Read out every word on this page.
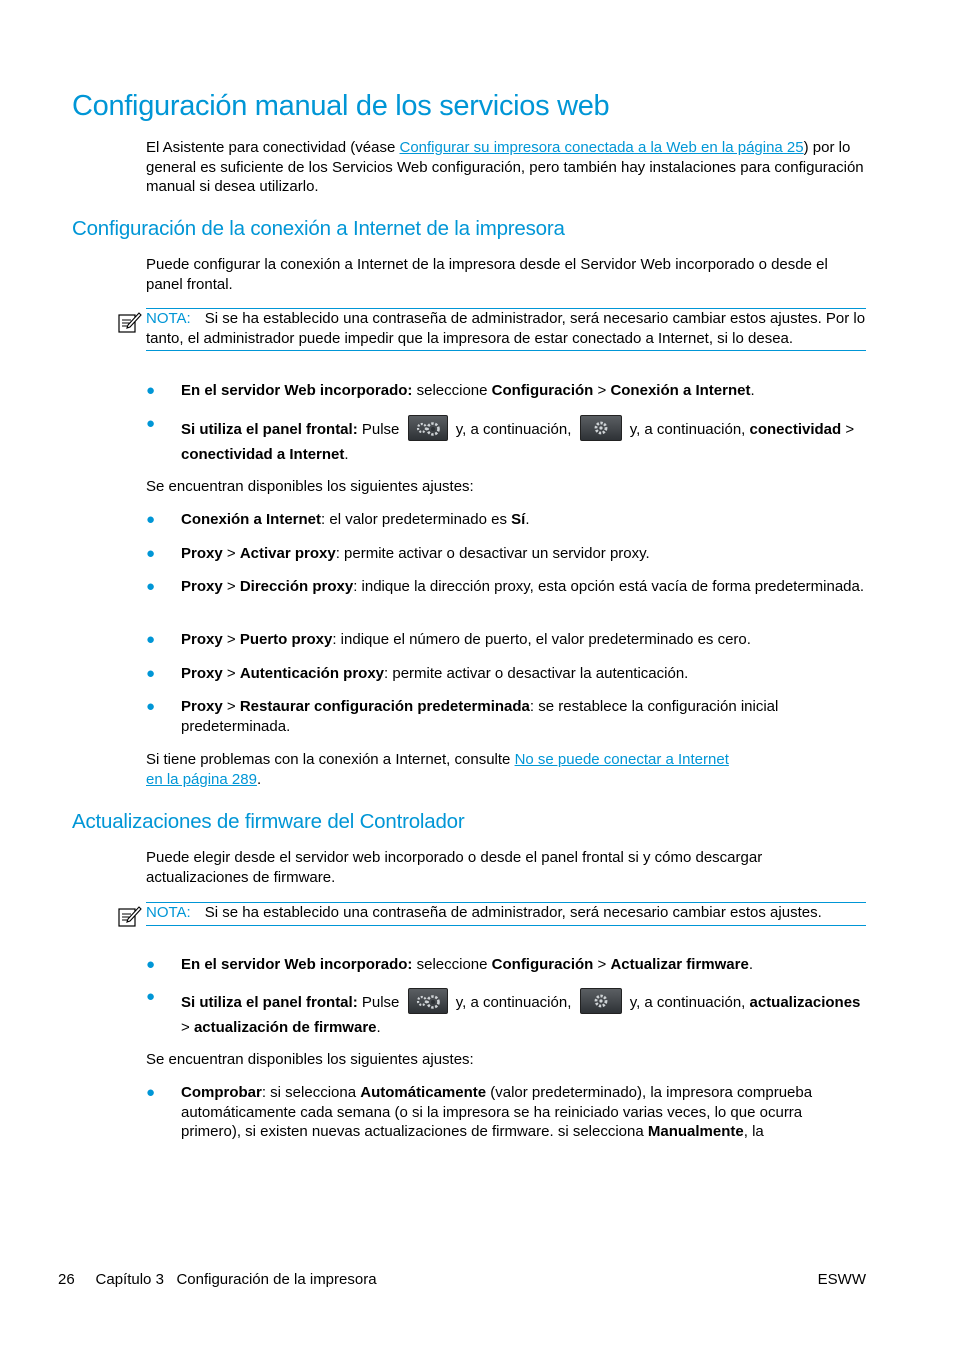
Configuración manual de los servicios web

El Asistente para conectividad (véase Configurar su impresora conectada a la Web en la página 25) por lo general es suficiente de los Servicios Web configuración, pero también hay instalaciones para configuración manual si desea utilizarlo.

Configuración de la conexión a Internet de la impresora

Puede configurar la conexión a Internet de la impresora desde el Servidor Web incorporado o desde el panel frontal.

NOTA: Si se ha establecido una contraseña de administrador, será necesario cambiar estos ajustes. Por lo tanto, el administrador puede impedir que la impresora de estar conectado a Internet, si lo desea.
● En el servidor Web incorporado: seleccione Configuración > Conexión a Internet.
● Si utiliza el panel frontal: Pulse	y, a continuación,	y, a continuación, conectividad >
conectividad a Internet.

Se encuentran disponibles los siguientes ajustes:

● Conexión a Internet: el valor predeterminado es Sí.
● Proxy > Activar proxy: permite activar o desactivar un servidor proxy.
● Proxy > Dirección proxy: indique la dirección proxy, esta opción está vacía de forma predeterminada.
● Proxy > Puerto proxy: indique el número de puerto, el valor predeterminado es cero.
● Proxy > Autenticación proxy: permite activar o desactivar la autenticación.
● Proxy > Restaurar configuración predeterminada: se restablece la configuración inicial predeterminada.

Si tiene problemas con la conexión a Internet, consulte No se puede conectar a Internet
en la página 289.

Actualizaciones de firmware del Controlador

Puede elegir desde el servidor web incorporado o desde el panel frontal si y cómo descargar actualizaciones de firmware.

NOTA: Si se ha establecido una contraseña de administrador, será necesario cambiar estos ajustes.
● En el servidor Web incorporado: seleccione Configuración > Actualizar firmware.
● Si utiliza el panel frontal: Pulse	y, a continuación,	y, a continuación, actualizaciones
> actualización de firmware.

Se encuentran disponibles los siguientes ajustes:

● Comprobar: si selecciona Automáticamente (valor predeterminado), la impresora comprueba automáticamente cada semana (o si la impresora se ha reiniciado varias veces, lo que ocurra primero), si existen nuevas actualizaciones de firmware. si selecciona Manualmente, la
26 Capítulo 3 Configuración de la impresora	ESWW
